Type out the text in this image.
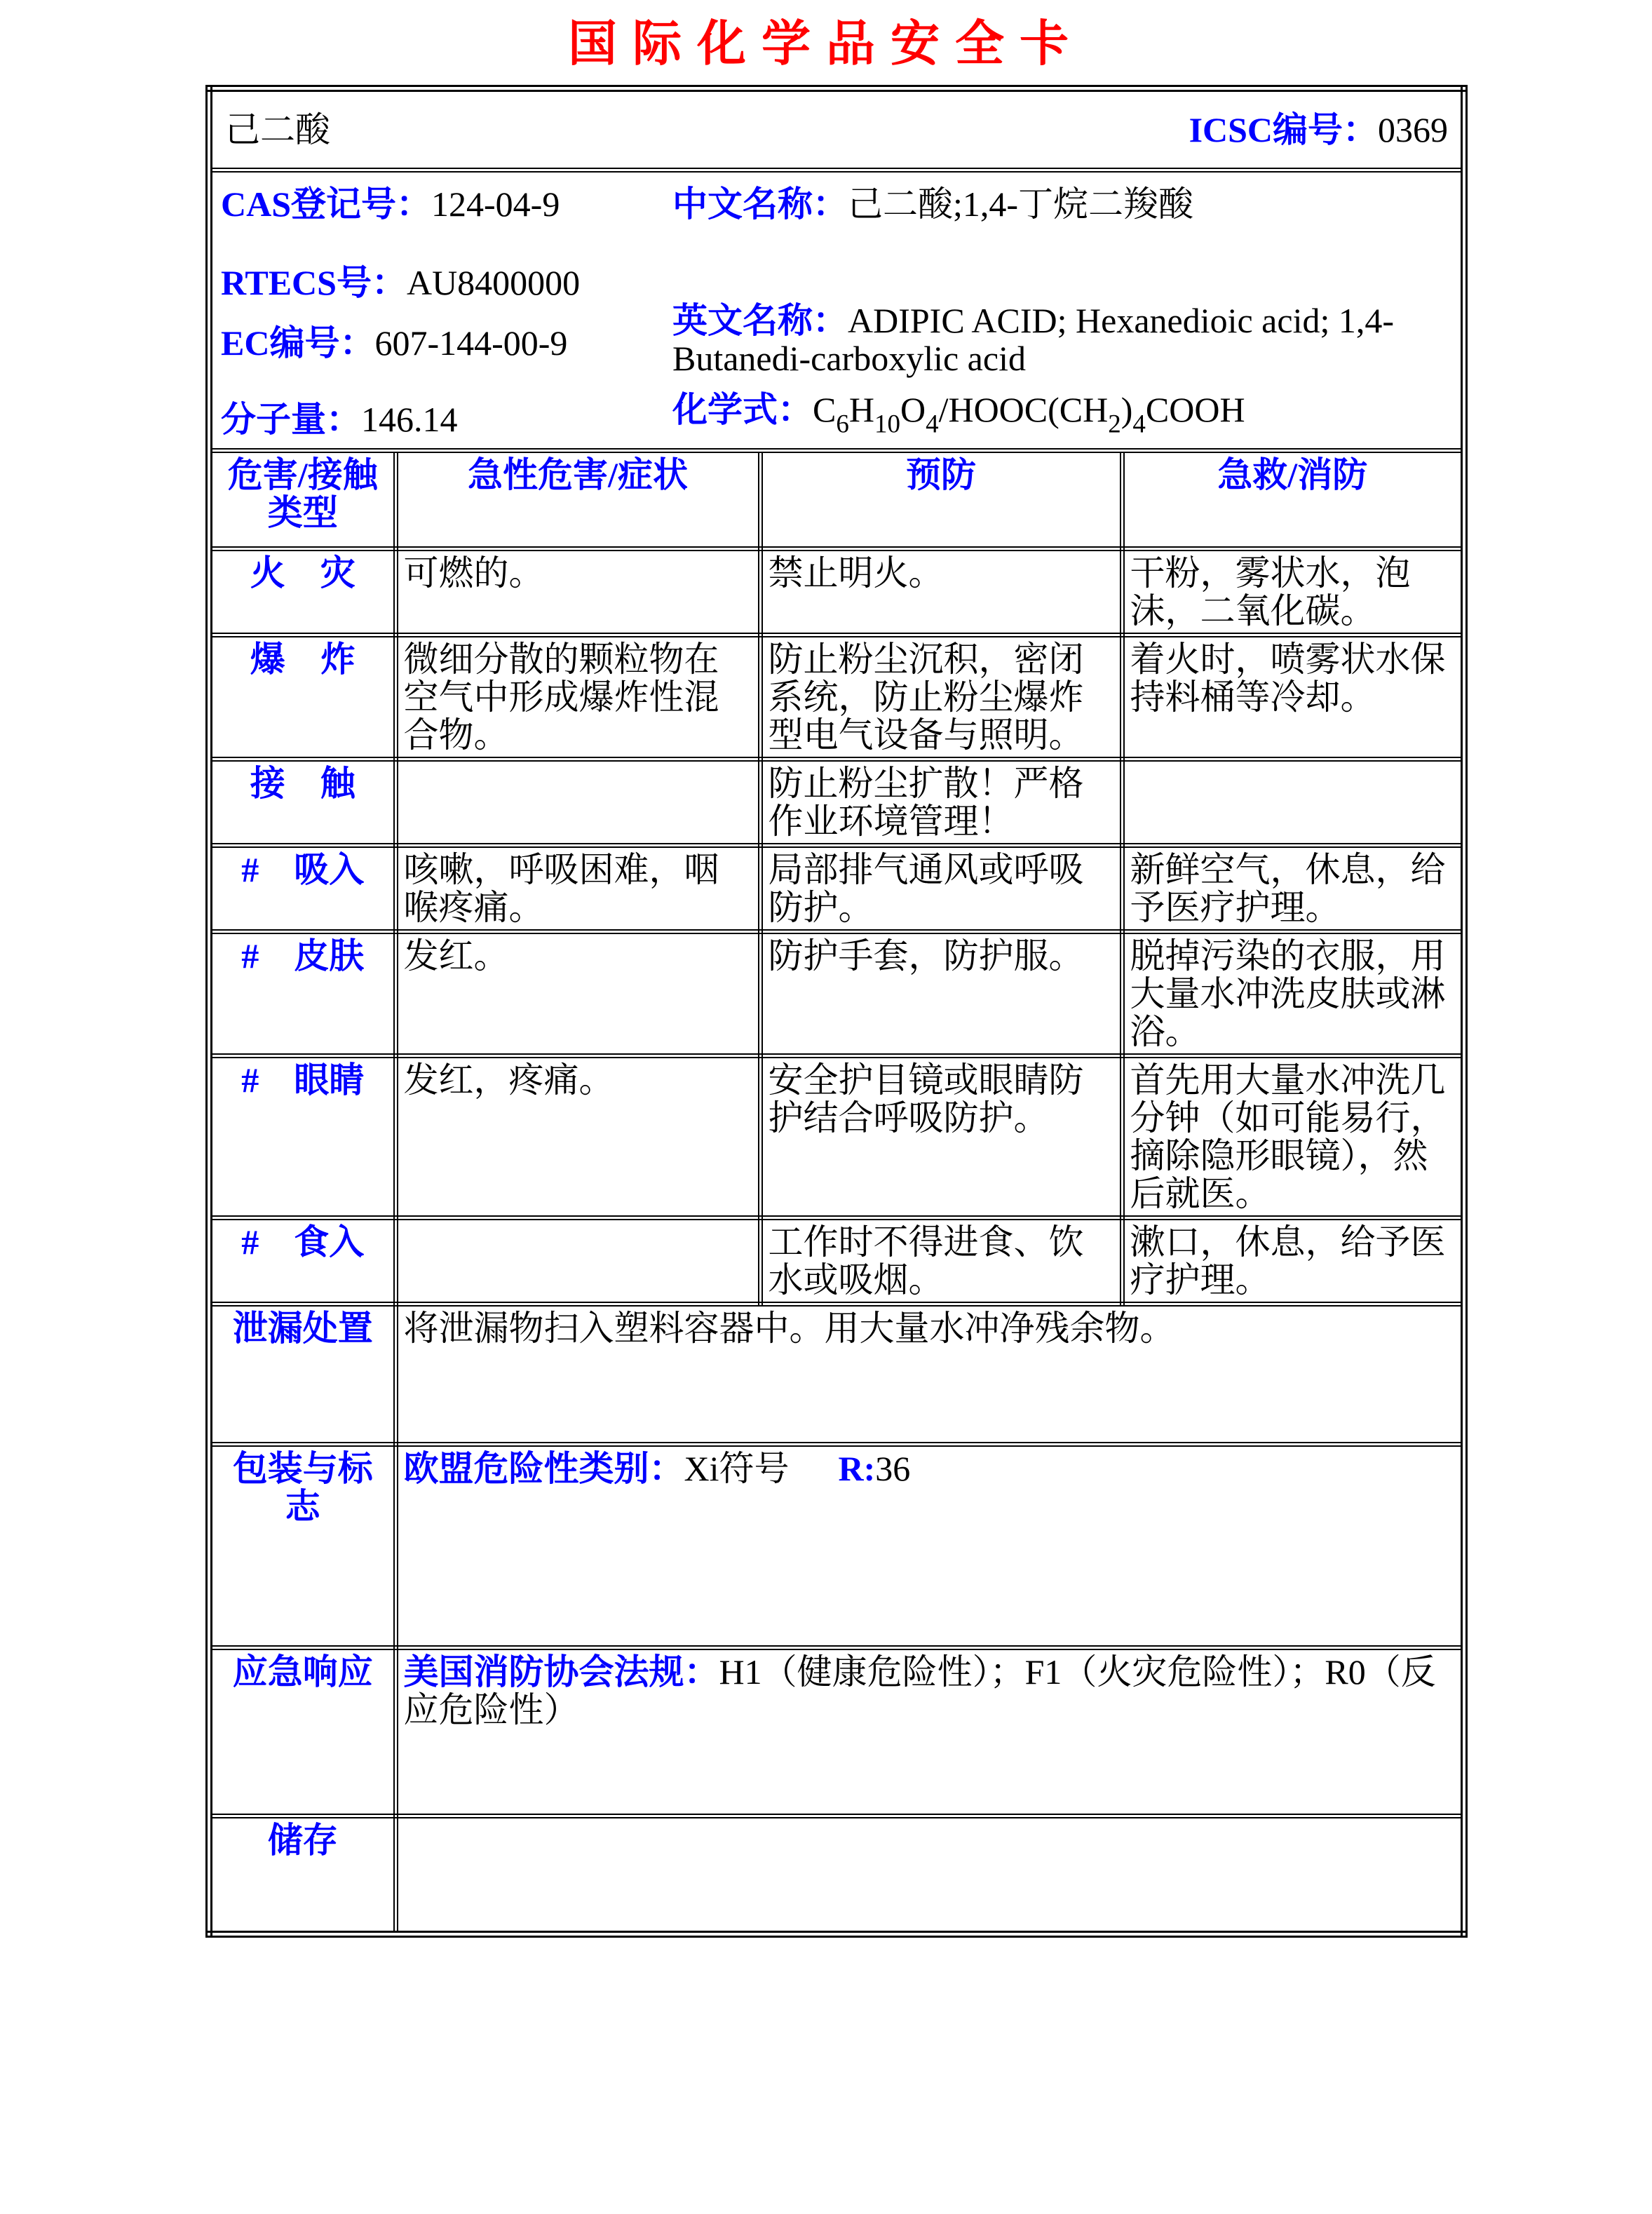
国际化学品安全卡
己二酸 ICSC编号：0369			

CAS登记号：124-04-9
RTECS号：AU8400000
EC编号：607-144-00-9
分子量：146.14
中文名称：己二酸;1,4-丁烷二羧酸
英文名称：ADIPIC ACID; Hexanedioic acid; 1,4-Butanedi-carboxylic acid
化学式：$C_6H_{10}O_4/HOOC(CH_2)_4COOH$

危害/接触
类型	急性危害/症状	预防	急救/消防
火　灾	可燃的。	禁止明火。	干粉，雾状水，泡沫，二氧化碳。
爆　炸	微细分散的颗粒物在空气中形成爆炸性混合物。	防止粉尘沉积，密闭系统，防止粉尘爆炸型电气设备与照明。	着火时，喷雾状水保持料桶等冷却。
接　触		防止粉尘扩散！严格作业环境管理！	
#　吸入	咳嗽，呼吸困难，咽喉疼痛。	局部排气通风或呼吸防护。	新鲜空气，休息，给予医疗护理。
#　皮肤	发红。	防护手套，防护服。	脱掉污染的衣服，用大量水冲洗皮肤或淋浴。
#　眼睛	发红，疼痛。	安全护目镜或眼睛防护结合呼吸防护。	首先用大量水冲洗几分钟（如可能易行，摘除隐形眼镜），然后就医。
#　食入		工作时不得进食、饮水或吸烟。	漱口，休息，给予医疗护理。
泄漏处置	将泄漏物扫入塑料容器中。用大量水冲净残余物。		
包装与标志	欧盟危险性类别：Xi符号 R:36		
应急响应	美国消防协会法规：H1（健康危险性）；F1（火灾危险性）；R0（反应危险性）		
储存			
